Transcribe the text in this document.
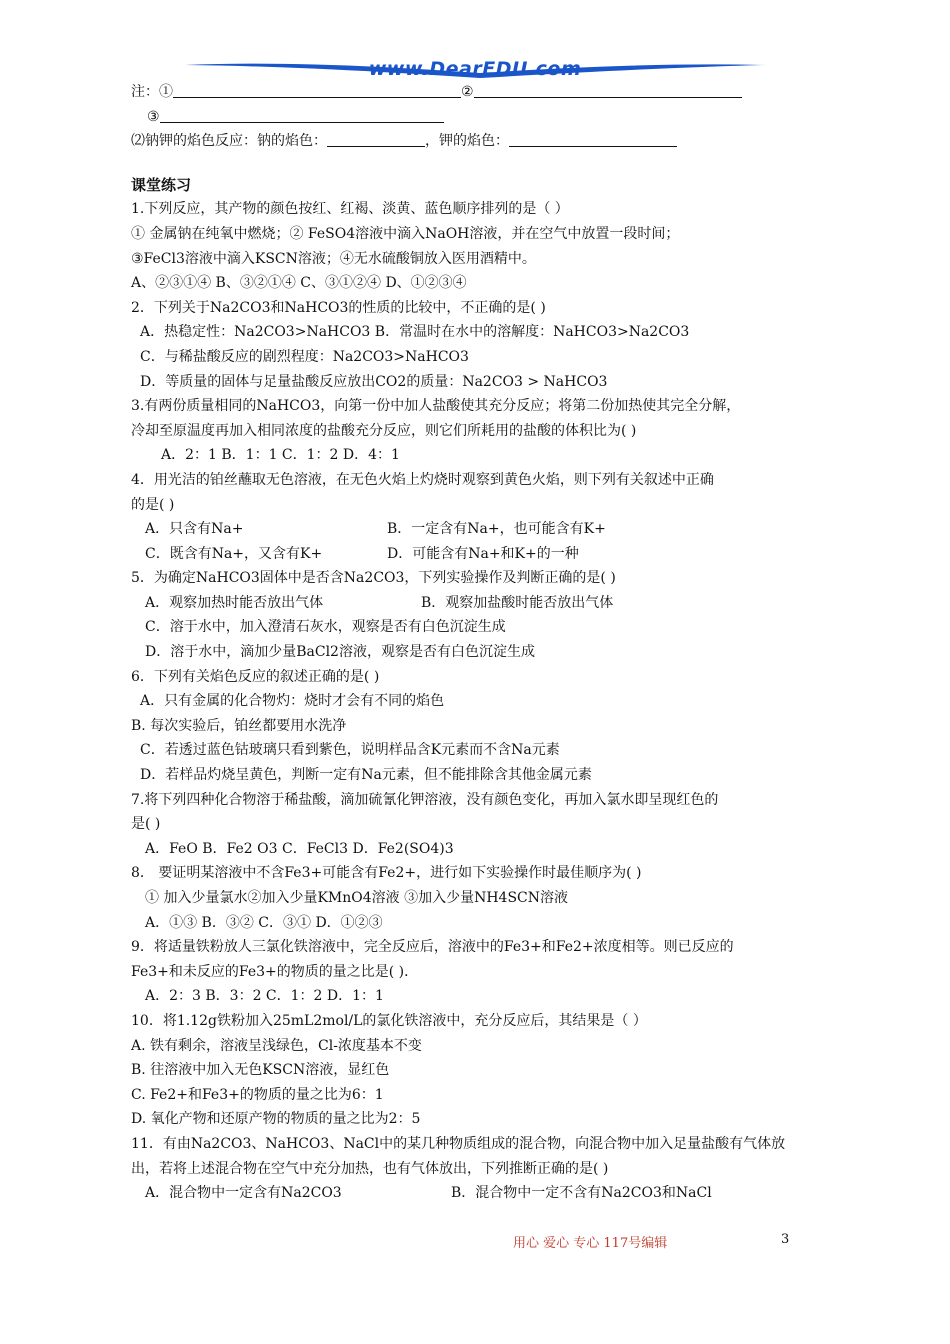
www.DearEDU.com
注：①	②
③
⑵钠钾的焰色反应：钠的焰色：	，钾的焰色：
课堂练习
1.下列反应，其产物的颜色按红、红褐、淡黄、蓝色顺序排列的是（ ）
① 金属钠在纯氧中燃烧；② FeSO4溶液中滴入NaOH溶液，并在空气中放置一段时间；
③FeCl3溶液中滴入KSCN溶液；④无水硫酸铜放入医用酒精中。
A、②③①④ B、③②①④ C、③①②④ D、①②③④
2．下列关于Na2CO3和NaHCO3的性质的比较中，不正确的是( )
A．热稳定性：Na2CO3>NaHCO3 B．常温时在水中的溶解度：NaHCO3>Na2CO3
C．与稀盐酸反应的剧烈程度：Na2CO3>NaHCO3
D．等质量的固体与足量盐酸反应放出CO2的质量：Na2CO3 > NaHCO3
3.有两份质量相同的NaHCO3，向第一份中加人盐酸使其充分反应；将第二份加热使其完全分解，
冷却至原温度再加入相同浓度的盐酸充分反应，则它们所耗用的盐酸的体积比为( )
A．2：1 B．1：1 C．1：2 D．4：1
4．用光洁的铂丝蘸取无色溶液，在无色火焰上灼烧时观察到黄色火焰，则下列有关叙述中正确
的是( )
A．只含有Na+	B．一定含有Na+，也可能含有K+
C．既含有Na+，又含有K+	D．可能含有Na+和K+的一种
5．为确定NaHCO3固体中是否含Na2CO3，下列实验操作及判断正确的是( )
A．观察加热时能否放出气体	B．观察加盐酸时能否放出气体
C．溶于水中，加入澄清石灰水，观察是否有白色沉淀生成
D．溶于水中，滴加少量BaCl2溶液，观察是否有白色沉淀生成
6．下列有关焰色反应的叙述正确的是( )
A．只有金属的化合物灼：烧时才会有不同的焰色
B. 每次实验后，铂丝都要用水洗净
C．若透过蓝色钴玻璃只看到紫色，说明样品含K元素而不含Na元素
D．若样品灼烧呈黄色，判断一定有Na元素，但不能排除含其他金属元素
7.将下列四种化合物溶于稀盐酸，滴加硫氰化钾溶液，没有颜色变化，再加入氯水即呈现红色的
是( )
A．FeO B．Fe2 O3 C．FeCl3 D．Fe2(SO4)3
8． 要证明某溶液中不含Fe3+可能含有Fe2+，进行如下实验操作时最佳顺序为( )
① 加入少量氯水②加入少量KMnO4溶液 ③加入少量NH4SCN溶液
A．①③ B．③② C．③① D．①②③
9．将适量铁粉放人三氯化铁溶液中，完全反应后，溶液中的Fe3+和Fe2+浓度相等。则已反应的
Fe3+和未反应的Fe3+的物质的量之比是( )．
A．2：3 B．3：2 C．1：2 D．1：1
10．将1.12g铁粉加入25mL2mol/L的氯化铁溶液中，充分反应后，其结果是（ ）
A. 铁有剩余，溶液呈浅绿色，Cl-浓度基本不变
B. 往溶液中加入无色KSCN溶液，显红色
C. Fe2+和Fe3+的物质的量之比为6：1
D. 氧化产物和还原产物的物质的量之比为2：5
11．有由Na2CO3、NaHCO3、NaCl中的某几种物质组成的混合物，向混合物中加入足量盐酸有气体放
出，若将上述混合物在空气中充分加热，也有气体放出，下列推断正确的是( )
A．混合物中一定含有Na2CO3	B．混合物中一定不含有Na2CO3和NaCl
用心 爱心 专心 117号编辑	3
